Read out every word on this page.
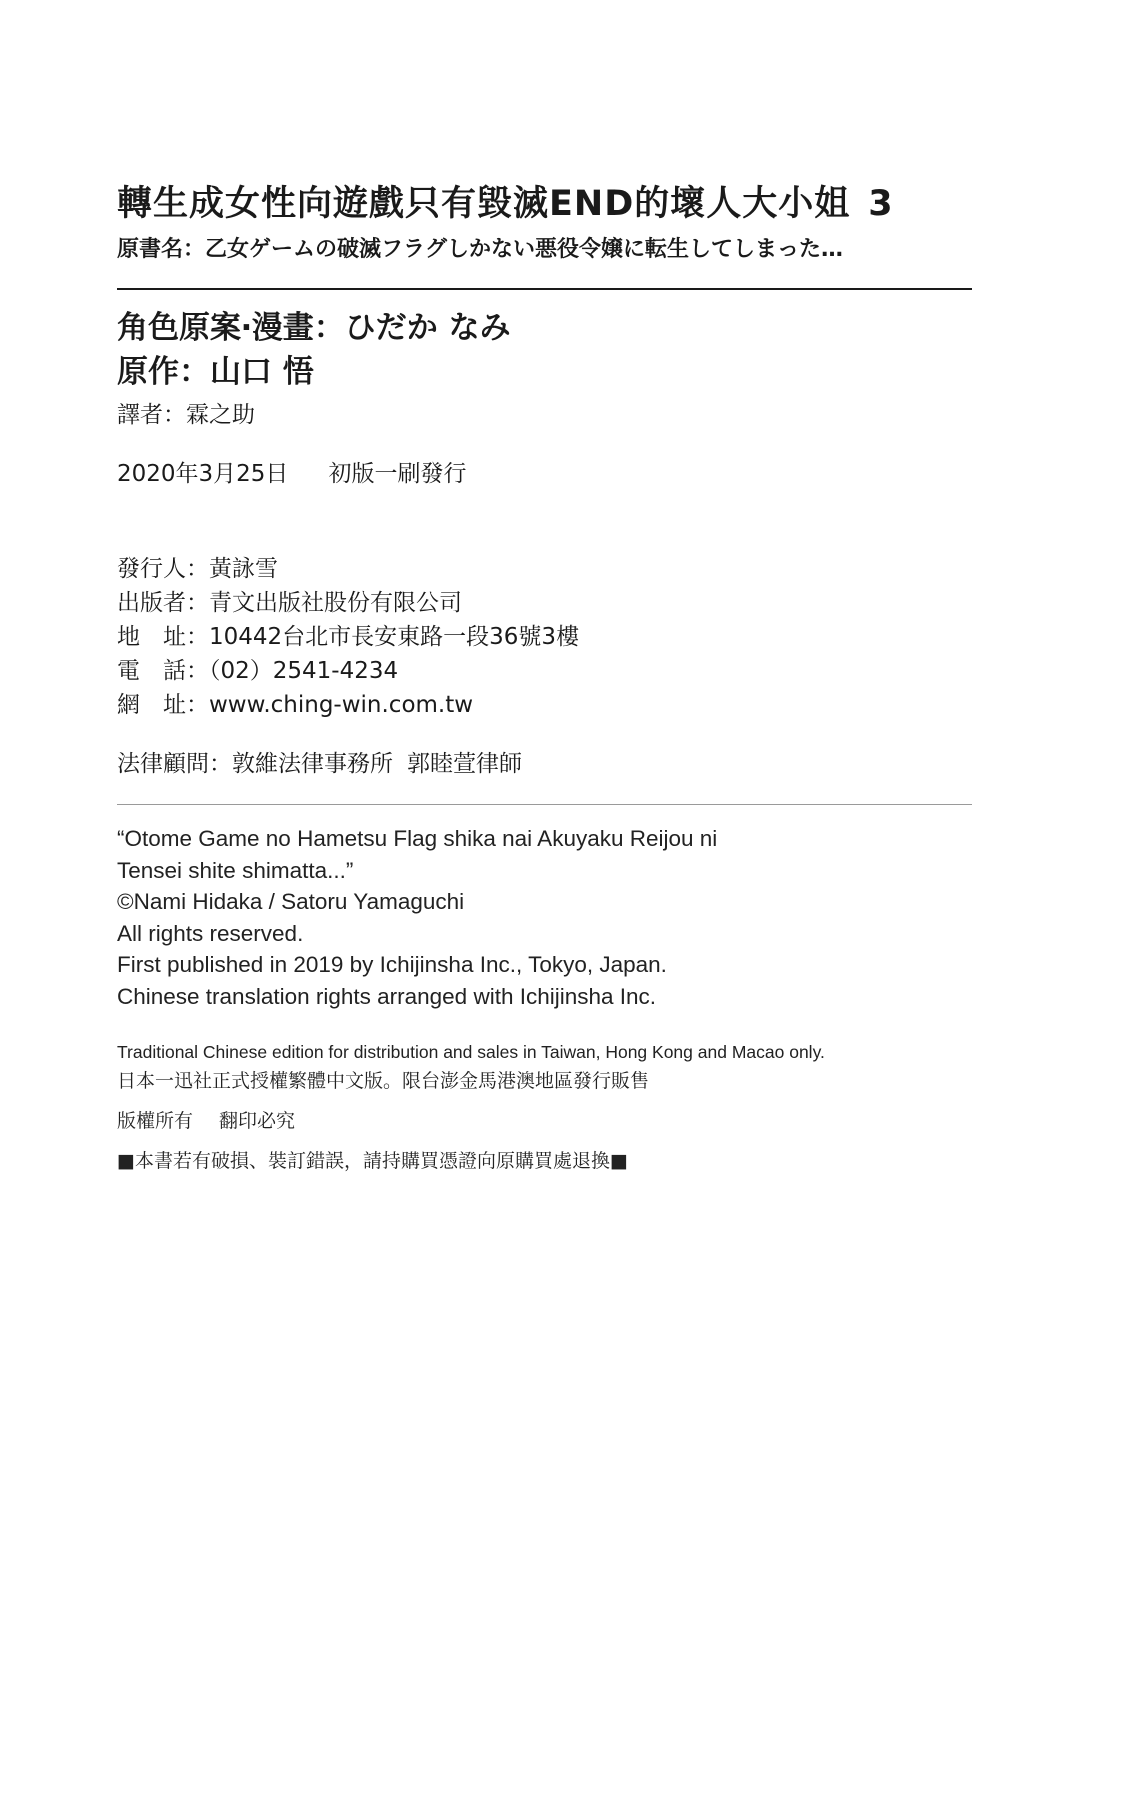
轉生成女性向遊戲只有毀滅END的壞人大小姐 3
原書名：乙女ゲームの破滅フラグしかない悪役令嬢に転生してしまった…
角色原案‧漫畫：ひだか なみ
原作：山口 悟
譯者：霖之助
2020年3月25日 初版一刷發行
發行人：黃詠雪
出版者：青文出版社股份有限公司
地　址：10442台北市長安東路一段36號3樓
電　話：（02）2541-4234
網　址：www.ching-win.com.tw
法律顧問：敦維法律事務所 郭睦萱律師
“Otome Game no Hametsu Flag shika nai Akuyaku Reijou ni
Tensei shite shimatta...”
©Nami Hidaka / Satoru Yamaguchi
All rights reserved.
First published in 2019 by Ichijinsha Inc., Tokyo, Japan.
Chinese translation rights arranged with Ichijinsha Inc.
Traditional Chinese edition for distribution and sales in Taiwan, Hong Kong and Macao only.
日本一迅社正式授權繁體中文版。限台澎金馬港澳地區發行販售
版權所有 翻印必究
■本書若有破損、裝訂錯誤，請持購買憑證向原購買處退換■
